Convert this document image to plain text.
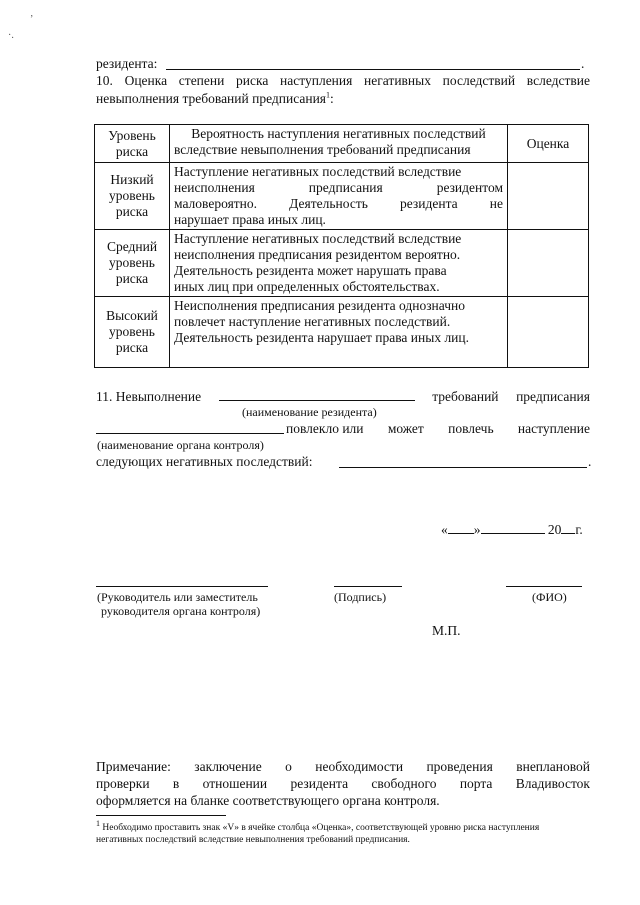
’
·.
резидента:	.
10. Оценка степени риска наступления негативных последствий вследствие
невыполнения требований предписания$^1$:
Уровень риска	Вероятность наступления негативных последствий вследствие невыполнения требований предписания	Оценка
Низкий уровень риска	Наступление негативных последствий вследствие
неисполнения предписания резидентом
маловероятно. Деятельность резидента не
нарушает права иных лиц.	

Средний уровень риска	Наступление негативных последствий вследствие
неисполнения предписания резидентом вероятно.
Деятельность резидента может нарушать права
иных лиц при определенных обстоятельствах.	

Высокий уровень риска	Неисполнения предписания резидента однозначно
повлечет наступление негативных последствий.
Деятельность резидента нарушает права иных лиц.	

11. Невыполнение	требований предписания
(наименование резидента)
повлекло или может повлечь наступление
(наименование органа контроля)
следующих негативных последствий:	.
« »	20 г.
(Руководитель или заместитель
руководителя органа контроля)
(Подпись)	(ФИО)
М.П.
Примечание: заключение о необходимости проведения внеплановой
проверки в отношении резидента свободного порта Владивосток
оформляется на бланке соответствующего органа контроля.
$^1$ Необходимо проставить знак «V» в ячейке столбца «Оценка», соответствующей уровню риска наступления
негативных последствий вследствие невыполнения требований предписания.
